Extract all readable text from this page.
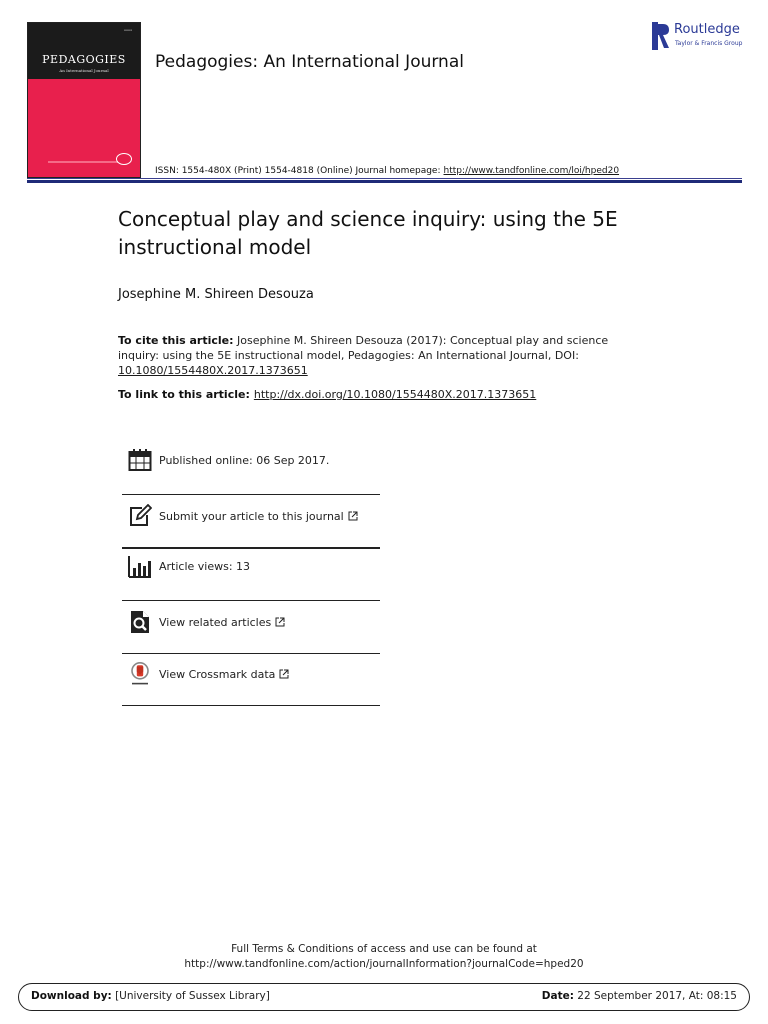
▪▪▪▪
PEDAGOGIES
An International Journal	Pedagogies: An International Journal
ISSN: 1554-480X (Print) 1554-4818 (Online) Journal homepage: http://www.tandfonline.com/loi/hped20
Routledge
Taylor & Francis Group
Conceptual play and science inquiry: using the 5E instructional model
Josephine M. Shireen Desouza
To cite this article: Josephine M. Shireen Desouza (2017): Conceptual play and science inquiry: using the 5E instructional model, Pedagogies: An International Journal, DOI:
10.1080/1554480X.2017.1373651
To link to this article: http://dx.doi.org/10.1080/1554480X.2017.1373651
Published online: 06 Sep 2017.
Submit your article to this journal
Article views: 13
View related articles
View Crossmark data
Full Terms & Conditions of access and use can be found at
http://www.tandfonline.com/action/journalInformation?journalCode=hped20
Download by: [University of Sussex Library]	Date: 22 September 2017, At: 08:15
